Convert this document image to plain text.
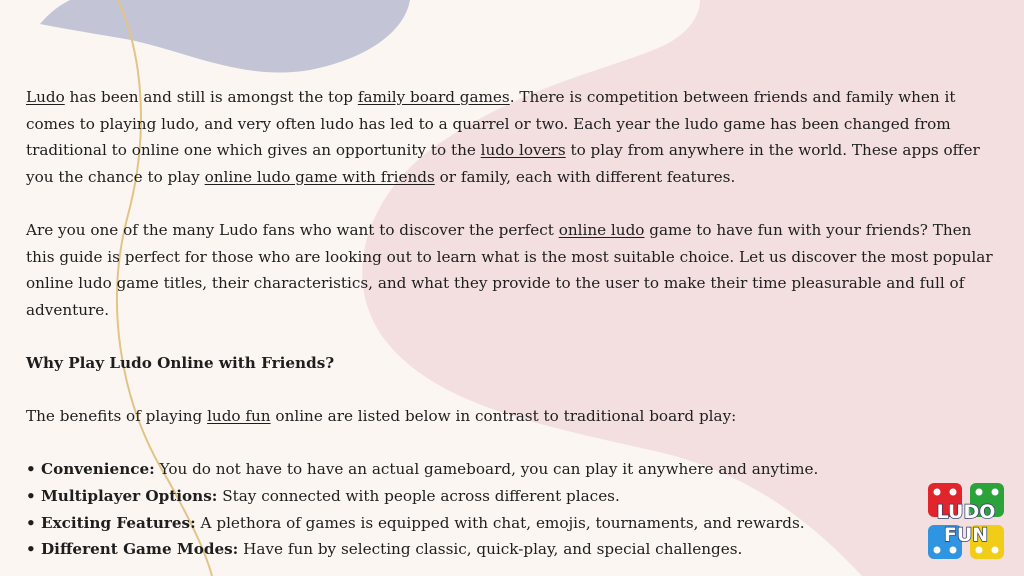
Ludo has been and still is amongst the top family board games. There is competition between friends and family when it comes to playing ludo, and very often ludo has led to a quarrel or two. Each year the ludo game has been changed from traditional to online one which gives an opportunity to the ludo lovers to play from anywhere in the world. These apps offer you the chance to play online ludo game with friends or family, each with different features.

Are you one of the many Ludo fans who want to discover the perfect online ludo game to have fun with your friends? Then this guide is perfect for those who are looking out to learn what is the most suitable choice. Let us discover the most popular online ludo game titles, their characteristics, and what they provide to the user to make their time pleasurable and full of adventure.

Why Play Ludo Online with Friends?

The benefits of playing ludo fun online are listed below in contrast to traditional board play:

• Convenience: You do not have to have an actual gameboard, you can play it anywhere and anytime.

• Multiplayer Options: Stay connected with people across different places.

• Exciting Features: A plethora of games is equipped with chat, emojis, tournaments, and rewards.

• Different Game Modes: Have fun by selecting classic, quick-play, and special challenges.

LUDO
FUN
